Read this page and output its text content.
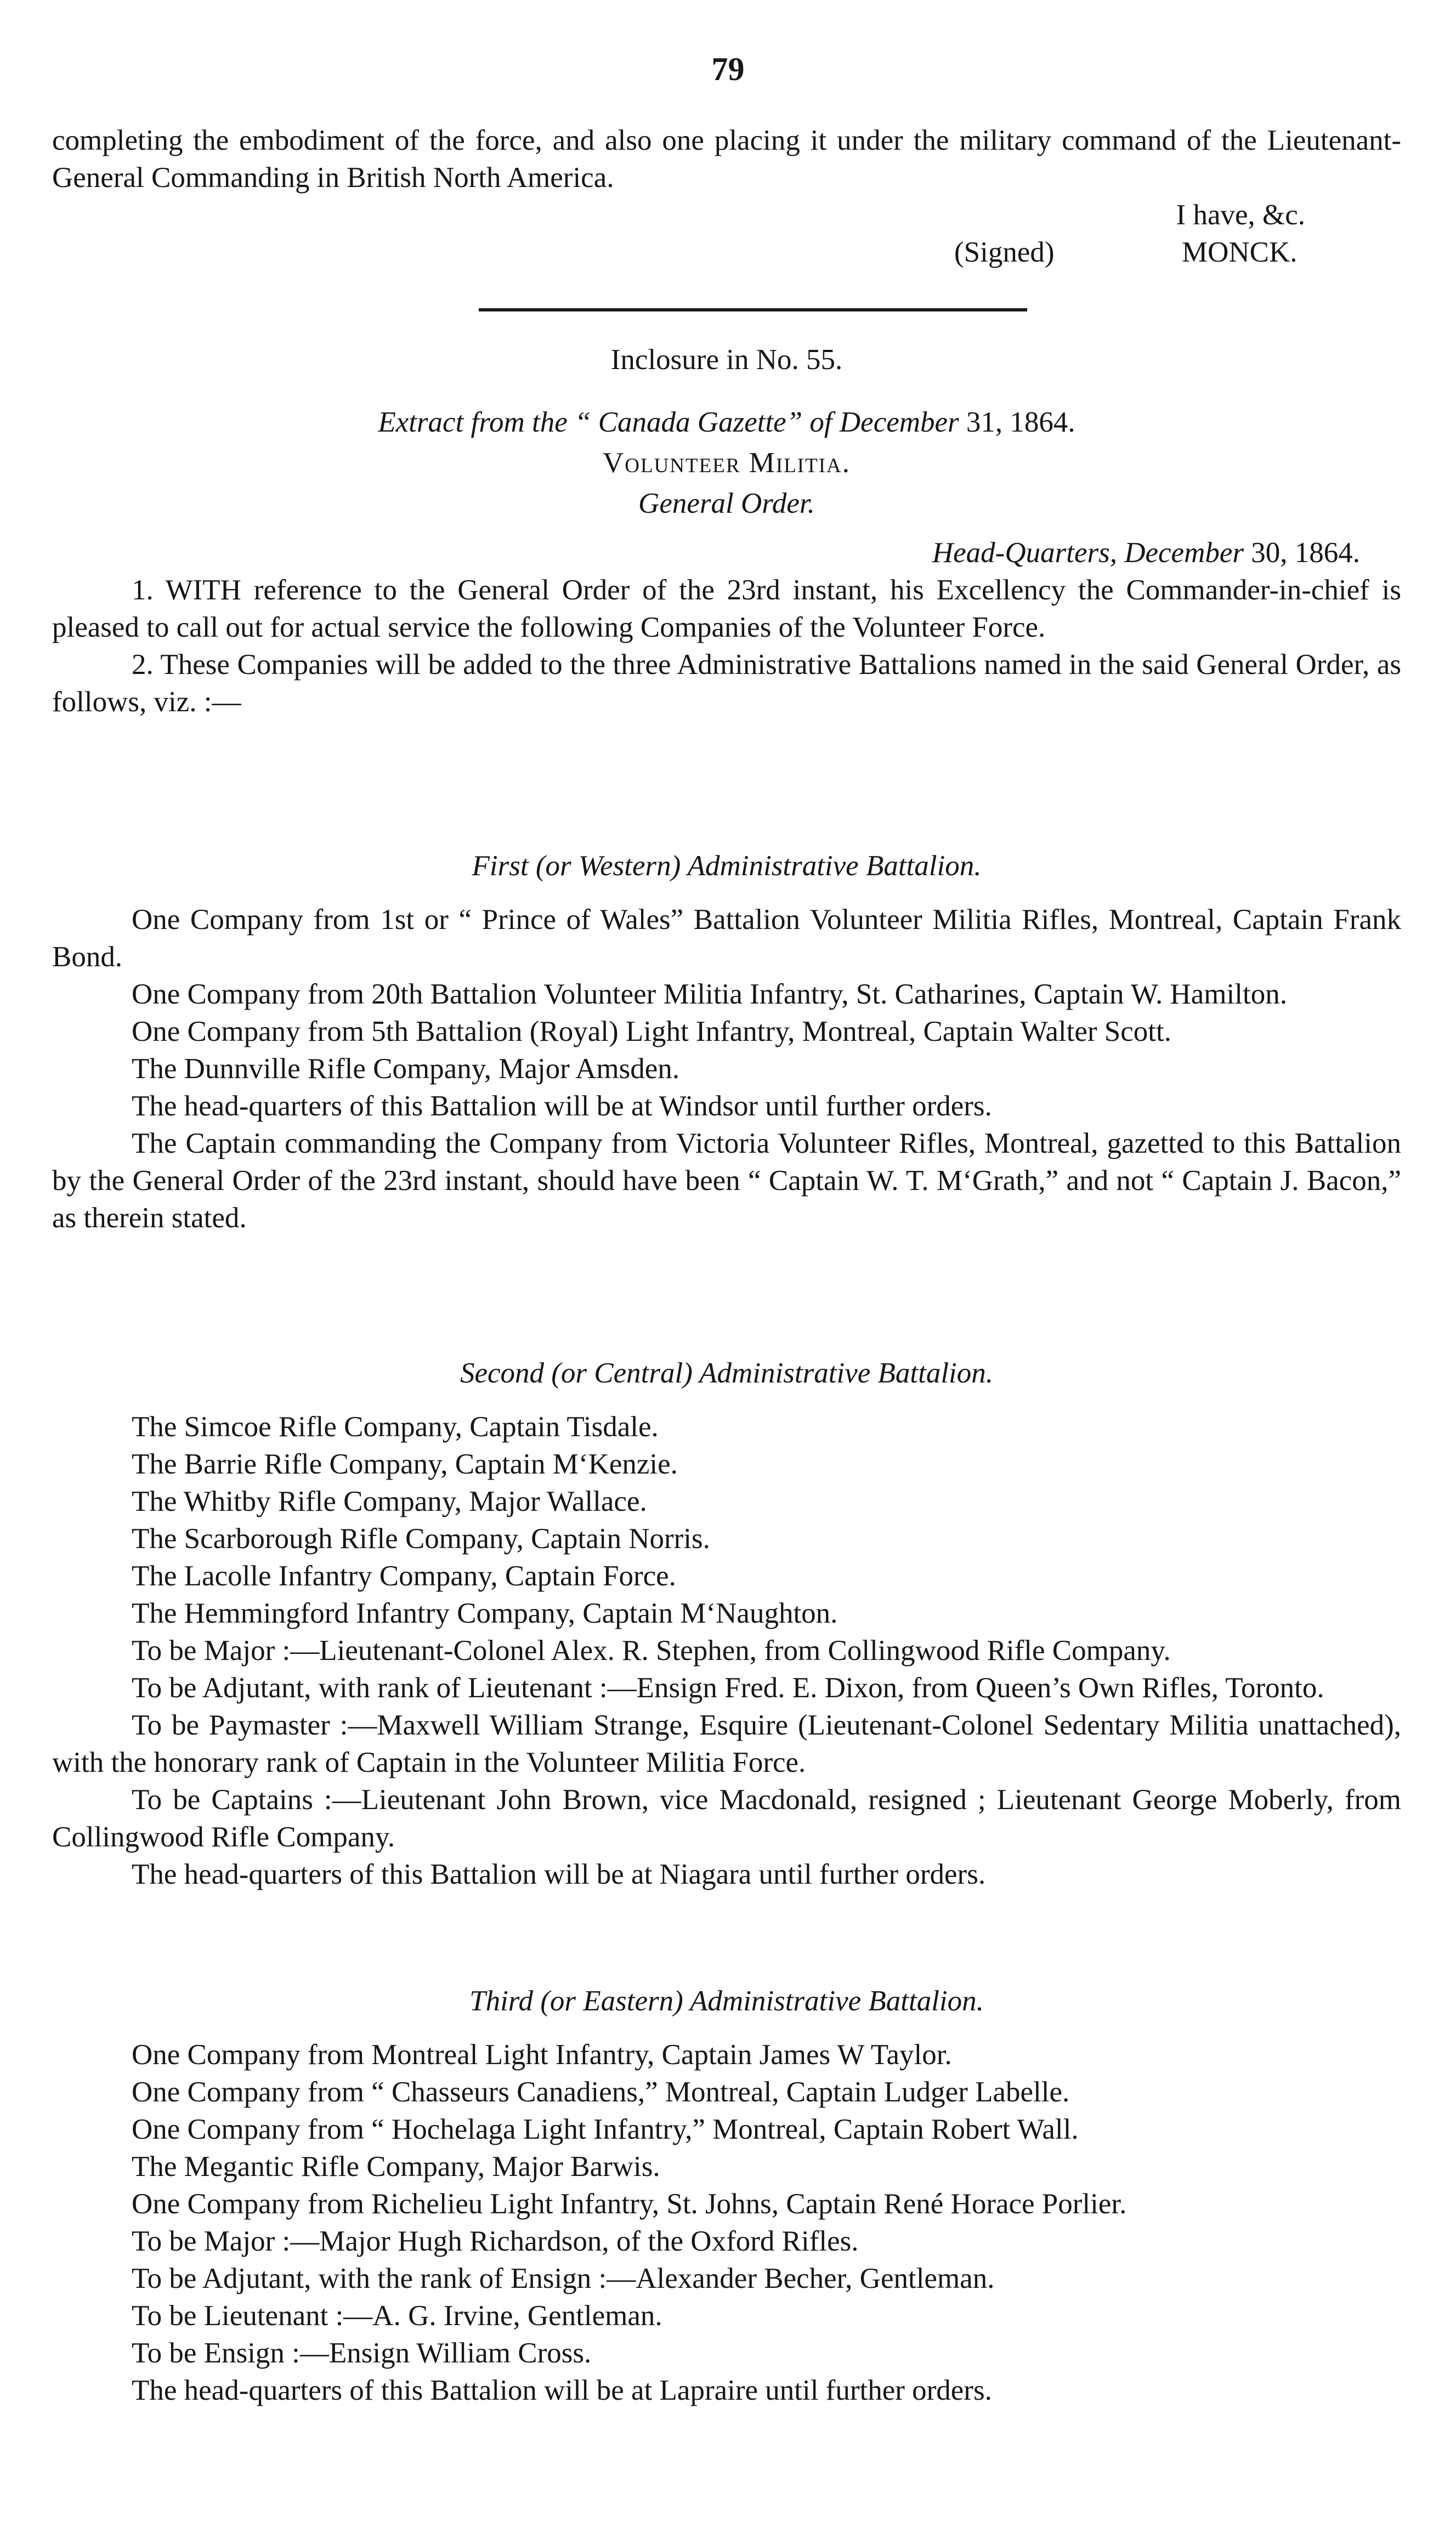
79

completing the embodiment of the force, and also one placing it under the military command of the Lieutenant-General Commanding in British North America.

I have, &c.

(Signed)	MONCK.

Inclosure in No. 55.

Extract from the “ Canada Gazette” of December 31, 1864.

Volunteer Militia.

General Order.

Head-Quarters, December 30, 1864.

1. WITH reference to the General Order of the 23rd instant, his Excellency the Commander-in-chief is pleased to call out for actual service the following Companies of the Volunteer Force.

2. These Companies will be added to the three Administrative Battalions named in the said General Order, as follows, viz. :—

First (or Western) Administrative Battalion.

One Company from 1st or “ Prince of Wales” Battalion Volunteer Militia Rifles, Montreal, Captain Frank Bond.

One Company from 20th Battalion Volunteer Militia Infantry, St. Catharines, Captain W. Hamilton.

One Company from 5th Battalion (Royal) Light Infantry, Montreal, Captain Walter Scott.

The Dunnville Rifle Company, Major Amsden.

The head-quarters of this Battalion will be at Windsor until further orders.

The Captain commanding the Company from Victoria Volunteer Rifles, Montreal, gazetted to this Battalion by the General Order of the 23rd instant, should have been “ Captain W. T. M‘Grath,” and not “ Captain J. Bacon,” as therein stated.

Second (or Central) Administrative Battalion.

The Simcoe Rifle Company, Captain Tisdale.

The Barrie Rifle Company, Captain M‘Kenzie.

The Whitby Rifle Company, Major Wallace.

The Scarborough Rifle Company, Captain Norris.

The Lacolle Infantry Company, Captain Force.

The Hemmingford Infantry Company, Captain M‘Naughton.

To be Major :—Lieutenant-Colonel Alex. R. Stephen, from Collingwood Rifle Company.

To be Adjutant, with rank of Lieutenant :—Ensign Fred. E. Dixon, from Queen’s Own Rifles, Toronto.

To be Paymaster :—Maxwell William Strange, Esquire (Lieutenant-Colonel Sedentary Militia unattached), with the honorary rank of Captain in the Volunteer Militia Force.

To be Captains :—Lieutenant John Brown, vice Macdonald, resigned ; Lieutenant George Moberly, from Collingwood Rifle Company.

The head-quarters of this Battalion will be at Niagara until further orders.

Third (or Eastern) Administrative Battalion.

One Company from Montreal Light Infantry, Captain James W Taylor.

One Company from “ Chasseurs Canadiens,” Montreal, Captain Ludger Labelle.

One Company from “ Hochelaga Light Infantry,” Montreal, Captain Robert Wall.

The Megantic Rifle Company, Major Barwis.

One Company from Richelieu Light Infantry, St. Johns, Captain René Horace Porlier.

To be Major :—Major Hugh Richardson, of the Oxford Rifles.

To be Adjutant, with the rank of Ensign :—Alexander Becher, Gentleman.

To be Lieutenant :—A. G. Irvine, Gentleman.

To be Ensign :—Ensign William Cross.

The head-quarters of this Battalion will be at Lapraire until further orders.
